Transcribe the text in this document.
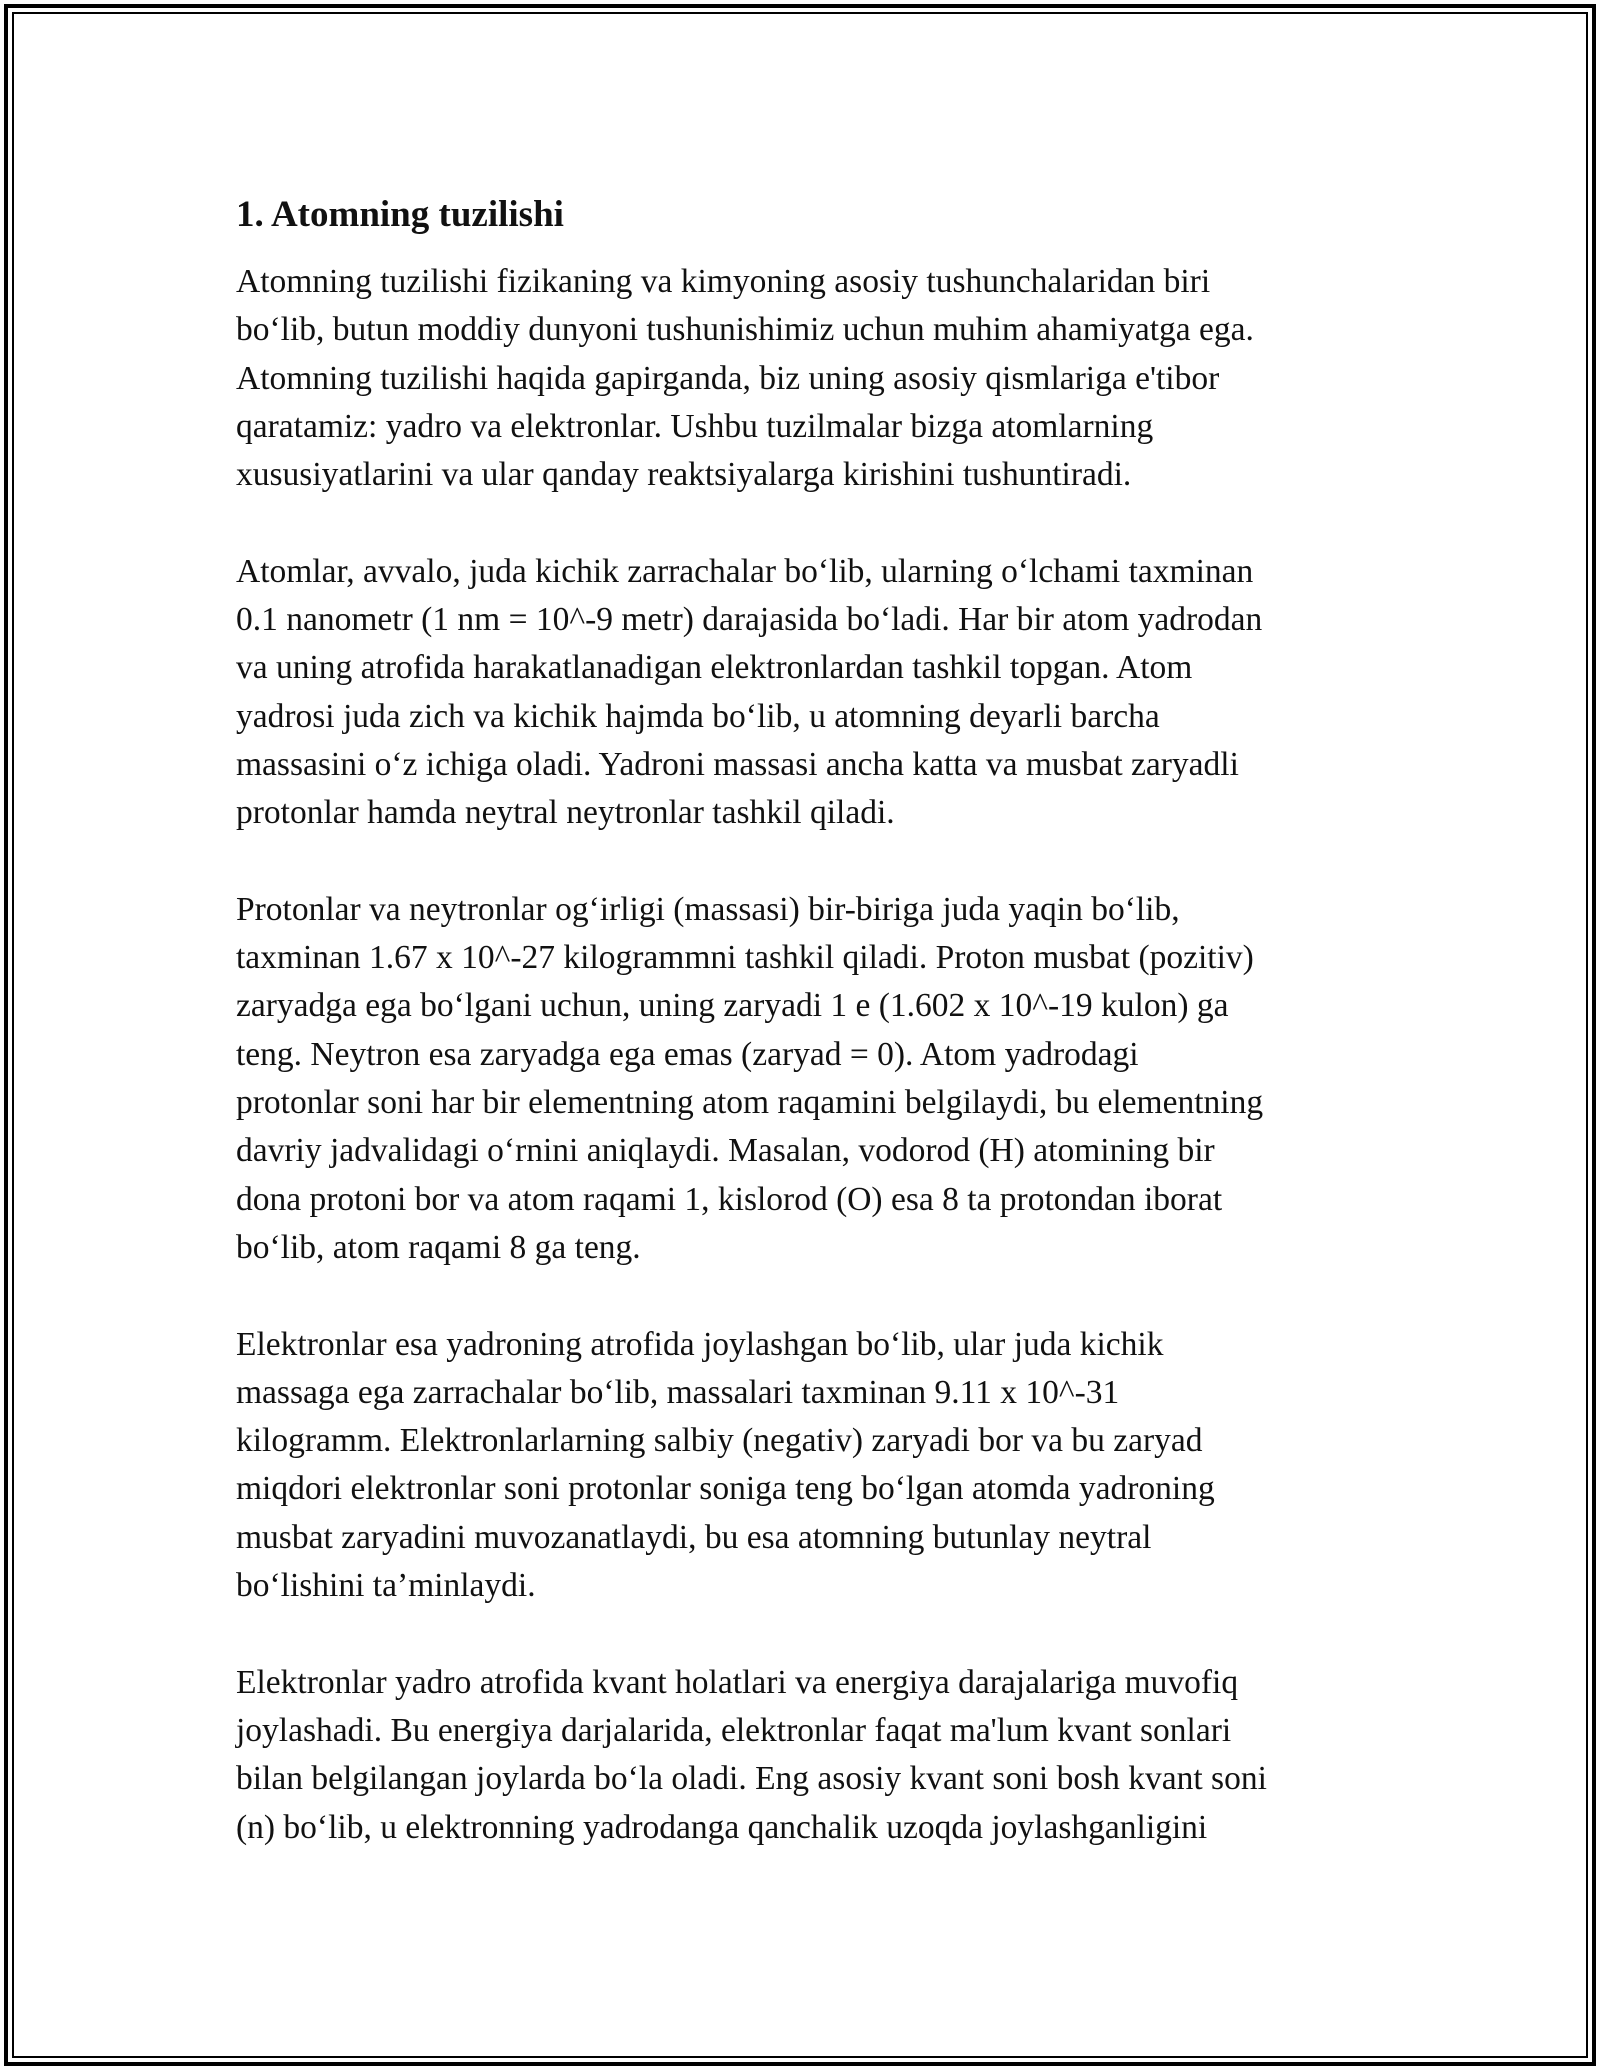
1. Atomning tuzilishi
Atomning tuzilishi fizikaning va kimyoning asosiy tushunchalaridan biri
bo‘lib, butun moddiy dunyoni tushunishimiz uchun muhim ahamiyatga ega.
Atomning tuzilishi haqida gapirganda, biz uning asosiy qismlariga e'tibor
qaratamiz: yadro va elektronlar. Ushbu tuzilmalar bizga atomlarning
xususiyatlarini va ular qanday reaktsiyalarga kirishini tushuntiradi.
Atomlar, avvalo, juda kichik zarrachalar bo‘lib, ularning o‘lchami taxminan
0.1 nanometr (1 nm = 10^-9 metr) darajasida bo‘ladi. Har bir atom yadrodan
va uning atrofida harakatlanadigan elektronlardan tashkil topgan. Atom
yadrosi juda zich va kichik hajmda bo‘lib, u atomning deyarli barcha
massasini o‘z ichiga oladi. Yadroni massasi ancha katta va musbat zaryadli
protonlar hamda neytral neytronlar tashkil qiladi.
Protonlar va neytronlar og‘irligi (massasi) bir-biriga juda yaqin bo‘lib,
taxminan 1.67 x 10^-27 kilogrammni tashkil qiladi. Proton musbat (pozitiv)
zaryadga ega bo‘lgani uchun, uning zaryadi 1 e (1.602 x 10^-19 kulon) ga
teng. Neytron esa zaryadga ega emas (zaryad = 0). Atom yadrodagi
protonlar soni har bir elementning atom raqamini belgilaydi, bu elementning
davriy jadvalidagi o‘rnini aniqlaydi. Masalan, vodorod (H) atomining bir
dona protoni bor va atom raqami 1, kislorod (O) esa 8 ta protondan iborat
bo‘lib, atom raqami 8 ga teng.
Elektronlar esa yadroning atrofida joylashgan bo‘lib, ular juda kichik
massaga ega zarrachalar bo‘lib, massalari taxminan 9.11 x 10^-31
kilogramm. Elektronlarlarning salbiy (negativ) zaryadi bor va bu zaryad
miqdori elektronlar soni protonlar soniga teng bo‘lgan atomda yadroning
musbat zaryadini muvozanatlaydi, bu esa atomning butunlay neytral
bo‘lishini ta’minlaydi.
Elektronlar yadro atrofida kvant holatlari va energiya darajalariga muvofiq
joylashadi. Bu energiya darjalarida, elektronlar faqat ma'lum kvant sonlari
bilan belgilangan joylarda bo‘la oladi. Eng asosiy kvant soni bosh kvant soni
(n) bo‘lib, u elektronning yadrodanga qanchalik uzoqda joylashganligini
